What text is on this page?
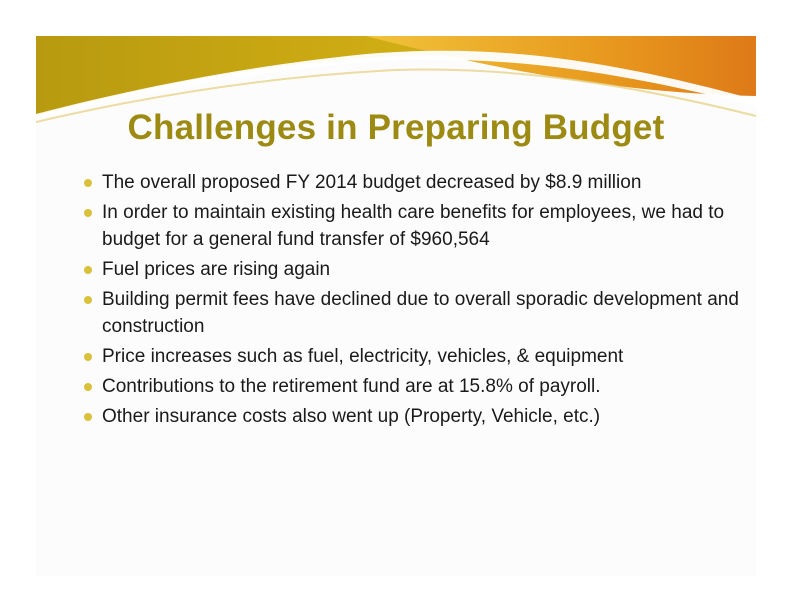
Challenges in Preparing Budget
The overall proposed FY 2014 budget decreased by $8.9 million
In order to maintain existing health care benefits for employees, we had to budget for a general fund transfer of $960,564
Fuel prices are rising again
Building permit fees have declined due to overall sporadic development and construction
Price increases such as fuel, electricity, vehicles, & equipment
Contributions to the retirement fund are at 15.8% of payroll.
Other insurance costs also went up (Property, Vehicle, etc.)
